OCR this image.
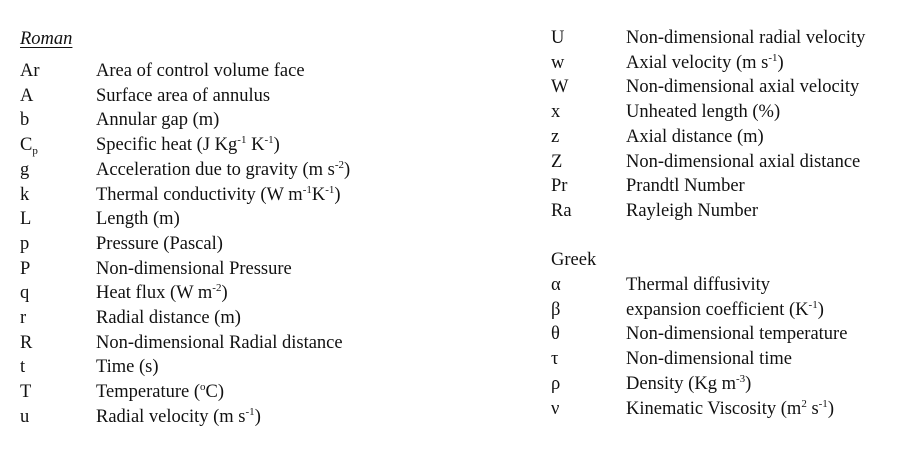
Roman
Ar	Area of control volume face
A	Surface area of annulus
b	Annular gap (m)
$C_p$	Specific heat (J $Kg^{-1}$ $K^{-1}$)
g	Acceleration due to gravity (m $s^{-2}$)
k	Thermal conductivity (W $m^{-1}K^{-1}$)
L	Length (m)
p	Pressure (Pascal)
P	Non-dimensional Pressure
q	Heat flux (W $m^{-2}$)
r	Radial distance (m)
R	Non-dimensional Radial distance
t	Time (s)
T	Temperature ($^o$C)
u	Radial velocity (m $s^{-1}$)
U	Non-dimensional radial velocity
w	Axial velocity (m $s^{-1}$)
W	Non-dimensional axial velocity
x	Unheated length (%)
z	Axial distance (m)
Z	Non-dimensional axial distance
Pr	Prandtl Number
Ra	Rayleigh Number
Greek
α	Thermal diffusivity
β	expansion coefficient $(K^{-1})$
θ	Non-dimensional temperature
τ	Non-dimensional time
ρ	Density (Kg $m^{-3}$)
ν	Kinematic Viscosity ($m^2$ $s^{-1}$)
